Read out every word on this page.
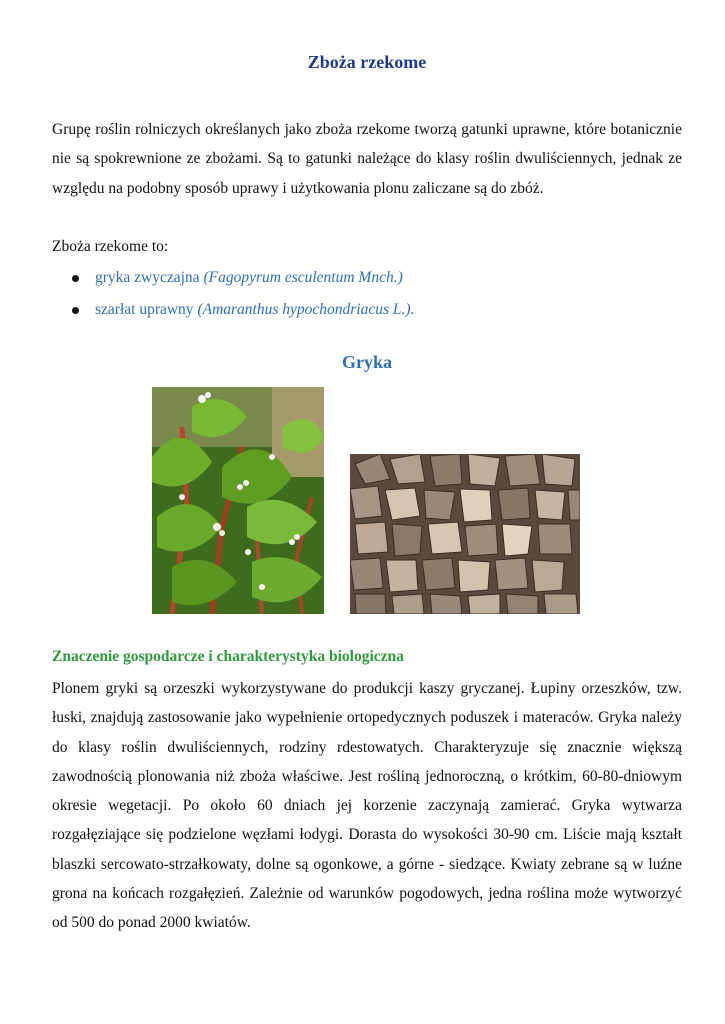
Zboża rzekome
Grupę roślin rolniczych określanych jako zboża rzekome tworzą gatunki uprawne, które botanicznie nie są spokrewnione ze zbożami. Są to gatunki należące do klasy roślin dwuliściennych, jednak ze względu na podobny sposób uprawy i użytkowania plonu zaliczane są do zbóż.
Zboża rzekome to:
gryka zwyczajna (Fagopyrum esculentum Mnch.)
szarłat uprawny (Amaranthus hypochondriacus L.).
Gryka
Znaczenie gospodarcze i charakterystyka biologiczna
Plonem gryki są orzeszki wykorzystywane do produkcji kaszy gryczanej. Łupiny orzeszków, tzw. łuski, znajdują zastosowanie jako wypełnienie ortopedycznych poduszek i materaców. Gryka należy do klasy roślin dwuliściennych, rodziny rdestowatych. Charakteryzuje się znacznie większą zawodnością plonowania niż zboża właściwe. Jest rośliną jednoroczną, o krótkim, 60-80-dniowym okresie wegetacji. Po około 60 dniach jej korzenie zaczynają zamierać. Gryka wytwarza rozgałęziające się podzielone węzłami łodygi. Dorasta do wysokości 30-90 cm. Liście mają kształt blaszki sercowato-strzałkowaty, dolne są ogonkowe, a górne - siedzące. Kwiaty zebrane są w luźne grona na końcach rozgałęzień. Zależnie od warunków pogodowych, jedna roślina może wytworzyć od 500 do ponad 2000 kwiatów.
